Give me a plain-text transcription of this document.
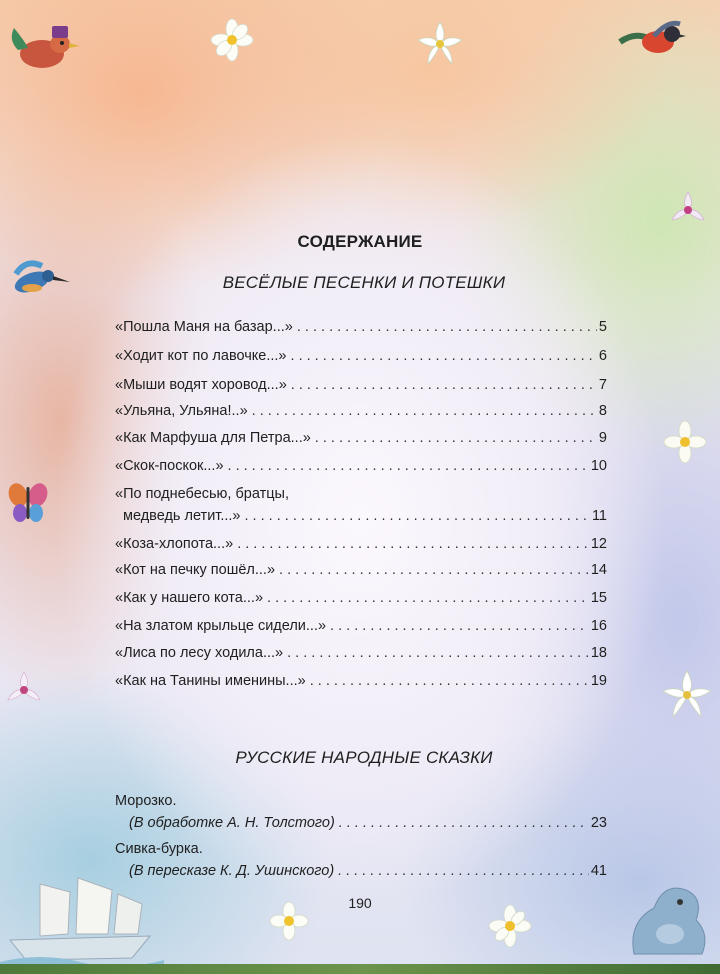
СОДЕРЖАНИЕ
ВЕСЁЛЫЕ ПЕСЕНКИ И ПОТЕШКИ
«Пошла Маня на базар...» . . .	5
«Ходит кот по лавочке...» . . .	6
«Мыши водят хоровод...» . . .	7
«Ульяна, Ульяна!..» . . .	8
«Как Марфуша для Петра...» . . .	9
«Скок-поскок...» . . .	10
«По поднебесью, братцы,
медведь летит...» . . .	11
«Коза-хлопота...» . . .	12
«Кот на печку пошёл...» . . .	14
«Как у нашего кота...» . . .	15
«На златом крыльце сидели...» . . .	16
«Лиса по лесу ходила...» . . .	18
«Как на Танины именины...» . . .	19
РУССКИЕ НАРОДНЫЕ СКАЗКИ
Морозко.
(В обработке А. Н. Толстого) . . .	23
Сивка-бурка.
(В пересказе К. Д. Ушинского) . . .	41
190
